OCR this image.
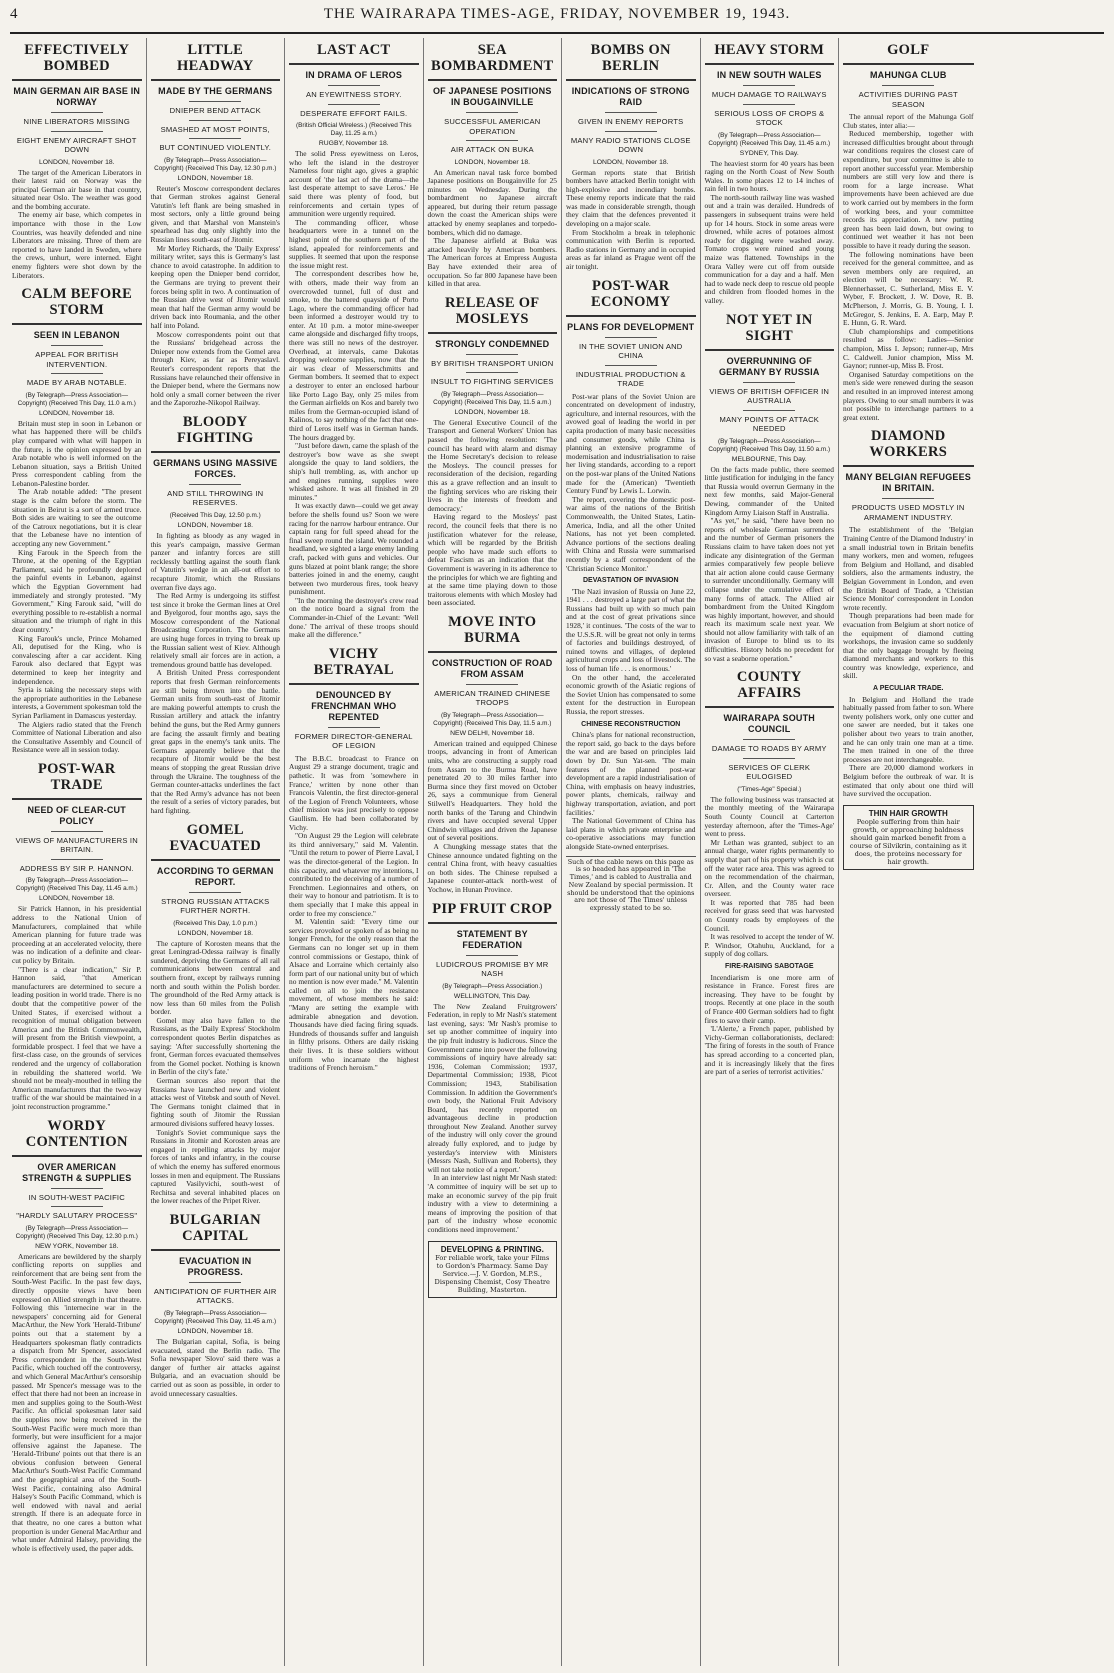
4	THE WAIRARAPA TIMES-AGE, FRIDAY, NOVEMBER 19, 1943.
EFFECTIVELY BOMBED
MAIN GERMAN AIR BASE IN NORWAY
NINE LIBERATORS MISSING
EIGHT ENEMY AIRCRAFT SHOT DOWN
LONDON, November 18.

The target of the American Liberators in their latest raid on Norway was the principal German air base in that country, situated near Oslo. The weather was good and the bombing accurate.

The enemy air base, which competes in importance with those in the Low Countries, was heavily defended and nine Liberators are missing. Three of them are reported to have landed in Sweden, where the crews, unhurt, were interned. Eight enemy fighters were shot down by the Liberators.

CALM BEFORE STORM
SEEN IN LEBANON
APPEAL FOR BRITISH INTERVENTION.
MADE BY ARAB NOTABLE.
(By Telegraph—Press Association—Copyright) (Received This Day, 11.0 a.m.)
LONDON, November 18.

Britain must step in soon in Lebanon or what has happened there will be child's play compared with what will happen in the future, is the opinion expressed by an Arab notable who is well informed on the Lebanon situation, says a British United Press correspondent cabling from the Lebanon-Palestine border.

The Arab notable added: "The present stage is the calm before the storm. The situation in Beirut is a sort of armed truce. Both sides are waiting to see the outcome of the Catroux negotiations, but it is clear that the Lebanese have no intention of accepting any new Government."

King Farouk in the Speech from the Throne, at the opening of the Egyptian Parliament, said he profoundly deplored the painful events in Lebanon, against which the Egyptian Government had immediately and strongly protested. "My Government," King Farouk said, "will do everything possible to re-establish a normal situation and the triumph of right in this dear country."

King Farouk's uncle, Prince Mohamed Ali, deputised for the King, who is convalescing after a car accident. King Farouk also declared that Egypt was determined to keep her integrity and independence.

Syria is taking the necessary steps with the appropriate authorities in the Lebanese interests, a Government spokesman told the Syrian Parliament in Damascus yesterday.

The Algiers radio stated that the French Committee of National Liberation and also the Consultative Assembly and Council of Resistance were all in session today.

POST-WAR TRADE
NEED OF CLEAR-CUT POLICY
VIEWS OF MANUFACTURERS IN BRITAIN.
ADDRESS BY SIR P. HANNON.
(By Telegraph—Press Association—Copyright) (Received This Day, 11.45 a.m.)
LONDON, November 18.

Sir Patrick Hannon, in his presidential address to the National Union of Manufacturers, complained that while American planning for future trade was proceeding at an accelerated velocity, there was no indication of a definite and clear-cut policy by Britain.

"There is a clear indication," Sir P. Hannon said, "that American manufacturers are determined to secure a leading position in world trade. There is no doubt that the competitive power of the United States, if exercised without a recognition of mutual obligation between America and the British Commonwealth, will present from the British viewpoint, a formidable prospect. I feel that we have a first-class case, on the grounds of services rendered and the urgency of collaboration in rebuilding the shattered world. We should not be mealy-mouthed in telling the American manufacturers that the two-way traffic of the war should be maintained in a joint reconstruction programme."

WORDY CONTENTION
OVER AMERICAN STRENGTH & SUPPLIES
IN SOUTH-WEST PACIFIC
"HARDLY SALUTARY PROCESS"
(By Telegraph—Press Association—Copyright) (Received This Day, 12.30 p.m.)
NEW YORK, November 18.

Americans are bewildered by the sharply conflicting reports on supplies and reinforcement that are being sent from the South-West Pacific. In the past few days, directly opposite views have been expressed on Allied strength in that theatre. Following this 'internecine war in the newspapers' concerning aid for General MacArthur, the New York 'Herald-Tribune' points out that a statement by a Headquarters spokesman flatly contradicts a dispatch from Mr Spencer, associated Press correspondent in the South-West Pacific, which touched off the controversy, and which General MacArthur's censorship passed. Mr Spencer's message was to the effect that there had not been an increase in men and supplies going to the South-West Pacific. An official spokesman later said the supplies now being received in the South-West Pacific were much more than formerly, but were insufficient for a major offensive against the Japanese. The 'Herald-Tribune' points out that there is an obvious confusion between General MacArthur's South-West Pacific Command and the geographical area of the South-West Pacific, containing also Admiral Halsey's South Pacific Command, which is well endowed with naval and aerial strength. If there is an adequate force in that theatre, no one cares a button what proportion is under General MacArthur and what under Admiral Halsey, providing the whole is effectively used, the paper adds.

LITTLE HEADWAY
MADE BY THE GERMANS
DNIEPER BEND ATTACK
SMASHED AT MOST POINTS,
BUT CONTINUED VIOLENTLY.
(By Telegraph—Press Association—Copyright) (Received This Day, 12.30 p.m.)
LONDON, November 18.

Reuter's Moscow correspondent declares that German strokes against General Vatutin's left flank are being smashed in most sectors, only a little ground being given, and that Marshal von Manstein's spearhead has dug only slightly into the Russian lines south-east of Jitomir.

Mr Morley Richards, the 'Daily Express' military writer, says this is Germany's last chance to avoid catastrophe. In addition to keeping open the Dnieper bend corridor, the Germans are trying to prevent their forces being split in two. A continuation of the Russian drive west of Jitomir would mean that half the German army would be driven back into Roumania, and the other half into Poland.

Moscow correspondents point out that the Russians' bridgehead across the Dnieper now extends from the Gomel area through Kiev, as far as Pereyaslavl. Reuter's correspondent reports that the Russians have relaunched their offensive in the Dnieper bend, where the Germans now hold only a small corner between the river and the Zaporozhe-Nikopol Railway.

BLOODY FIGHTING
GERMANS USING MASSIVE FORCES.
AND STILL THROWING IN RESERVES.
(Received This Day, 12.50 p.m.)
LONDON, November 18.

In fighting as bloody as any waged in this year's campaign, massive German panzer and infantry forces are still recklessly battling against the south flank of Vatutin's wedge in an all-out effort to recapture Jitomir, which the Russians overran five days ago.

The Red Army is undergoing its stiffest test since it broke the German lines at Orel and Byelgorod, four months ago, says the Moscow correspondent of the National Broadcasting Corporation. The Germans are using huge forces in trying to break up the Russian salient west of Kiev. Although relatively small air forces are in action, a tremendous ground battle has developed.

A British United Press correspondent reports that fresh German reinforcements are still being thrown into the battle. German units from south-east of Jitomir are making powerful attempts to crush the Russian artillery and attack the infantry behind the guns, but the Red Army gunners are facing the assault firmly and beating great gaps in the enemy's tank units. The Germans apparently believe that the recapture of Jitomir would be the best means of stopping the great Russian drive through the Ukraine. The toughness of the German counter-attacks underlines the fact that the Red Army's advance has not been the result of a series of victory parades, but hard fighting.

GOMEL EVACUATED
ACCORDING TO GERMAN REPORT.
STRONG RUSSIAN ATTACKS FURTHER NORTH.
(Received This Day, 1.0 p.m.)
LONDON, November 18.

The capture of Korosten means that the great Leningrad-Odessa railway is finally sundered, depriving the Germans of all rail communications between central and southern front, except by railways running north and south within the Polish border. The groundhold of the Red Army attack is now less than 60 miles from the Polish border.

Gomel may also have fallen to the Russians, as the 'Daily Express' Stockholm correspondent quotes Berlin dispatches as saying: 'After successfully shortening the front, German forces evacuated themselves from the Gomel pocket. Nothing is known in Berlin of the city's fate.'

German sources also report that the Russians have launched new and violent attacks west of Vitebsk and south of Nevel. The Germans tonight claimed that in fighting south of Jitomir the Russian armoured divisions suffered heavy losses.

Tonight's Soviet communique says the Russians in Jitomir and Korosten areas are engaged in repelling attacks by major forces of tanks and infantry, in the course of which the enemy has suffered enormous losses in men and equipment. The Russians captured Vasilyvichi, south-west of Rechitsa and several inhabited places on the lower reaches of the Pripet River.

BULGARIAN CAPITAL
EVACUATION IN PROGRESS.
ANTICIPATION OF FURTHER AIR ATTACKS.
(By Telegraph—Press Association—Copyright) (Received This Day, 11.45 a.m.)
LONDON, November 18.

The Bulgarian capital, Sofia, is being evacuated, stated the Berlin radio. The Sofia newspaper 'Slovo' said there was a danger of further air attacks against Bulgaria, and an evacuation should be carried out as soon as possible, in order to avoid unnecessary casualties.

LAST ACT
IN DRAMA OF LEROS
AN EYEWITNESS STORY.
DESPERATE EFFORT FAILS.
(British Official Wireless.) (Received This Day, 11.25 a.m.)
RUGBY, November 18.

The solid Press eyewitness on Leros, who left the island in the destroyer Nameless four night ago, gives a graphic account of 'the last act of the drama—the last desperate attempt to save Leros.' He said there was plenty of food, but reinforcements and certain types of ammunition were urgently required.

The commanding officer, whose headquarters were in a tunnel on the highest point of the southern part of the island, appealed for reinforcements and supplies. It seemed that upon the response the issue might rest.

The correspondent describes how he, with others, made their way from an overcrowded tunnel, full of dust and smoke, to the battered quayside of Porto Lago, where the commanding officer had been informed a destroyer would try to enter. At 10 p.m. a motor mine-sweeper came alongside and discharged fifty troops, there was still no news of the destroyer. Overhead, at intervals, came Dakotas dropping welcome supplies, now that the air was clear of Messerschmitts and German bombers. It seemed that to expect a destroyer to enter an enclosed harbour like Porto Lago Bay, only 25 miles from the German airfields on Kos and barely two miles from the German-occupied island of Kalinos, to say nothing of the fact that one-third of Leros itself was in German hands. The hours dragged by.

"Just before dawn, came the splash of the destroyer's bow wave as she swept alongside the quay to land soldiers, the ship's hull trembling, as, with anchor up and engines running, supplies were whisked ashore. It was all finished in 20 minutes."

It was exactly dawn—could we get away before the shells found us? Soon we were racing for the narrow harbour entrance. Our captain rang for full speed ahead for the final sweep round the island. We rounded a headland, we sighted a large enemy landing craft, packed with guns and vehicles. Our guns blazed at point blank range; the shore batteries joined in and the enemy, caught between two murderous fires, took heavy punishment.

"In the morning the destroyer's crew read on the notice board a signal from the Commander-in-Chief of the Levant: 'Well done.' The arrival of these troops should make all the difference."

VICHY BETRAYAL
DENOUNCED BY FRENCHMAN WHO REPENTED
FORMER DIRECTOR-GENERAL OF LEGION

The B.B.C. broadcast to France on August 29 a strange document, tragic and pathetic. It was from 'somewhere in France,' written by none other than Francois Valentin, the first director-general of the Legion of French Volunteers, whose chief mission was just precisely to oppose Gaullism. He had been collaborated by Vichy.

"On August 29 the Legion will celebrate its third anniversary," said M. Valentin. "Until the return to power of Pierre Laval, I was the director-general of the Legion. In this capacity, and whatever my intentions, I contributed to the deceiving of a number of Frenchmen. Legionnaires and others, on their way to honour and patriotism. It is to them specially that I make this appeal in order to free my conscience."

M. Valentin said: "Every time our services provoked or spoken of as being no longer French, for the only reason that the Germans can no longer set up in them control commissions or Gestapo, think of Alsace and Lorraine which certainly also form part of our national unity but of which no mention is now ever made." M. Valentin called on all to join the resistance movement, of whose members he said: "Many are setting the example with admirable abnegation and devotion. Thousands have died facing firing squads. Hundreds of thousands suffer and languish in filthy prisons. Others are daily risking their lives. It is these soldiers without uniform who incarnate the highest traditions of French heroism."

SEA BOMBARDMENT
OF JAPANESE POSITIONS IN BOUGAINVILLE
SUCCESSFUL AMERICAN OPERATION
AIR ATTACK ON BUKA
LONDON, November 18.

An American naval task force bombed Japanese positions on Bougainville for 25 minutes on Wednesday. During the bombardment no Japanese aircraft appeared, but during their return passage down the coast the American ships were attacked by enemy seaplanes and torpedo-bombers, which did no damage.

The Japanese airfield at Buka was attacked heavily by American bombers. The American forces at Empress Augusta Bay have extended their area of occupation. So far 800 Japanese have been killed in that area.

RELEASE OF MOSLEYS
STRONGLY CONDEMNED
BY BRITISH TRANSPORT UNION
INSULT TO FIGHTING SERVICES
(By Telegraph—Press Association—Copyright) (Received This Day, 11.5 a.m.)
LONDON, November 18.

The General Executive Council of the Transport and General Workers' Union has passed the following resolution: 'The council has heard with alarm and dismay the Home Secretary's decision to release the Mosleys. The council presses for reconsideration of the decision, regarding this as a grave reflection and an insult to the fighting services who are risking their lives in the interests of freedom and democracy.'

Having regard to the Mosleys' past record, the council feels that there is no justification whatever for the release, which will be regarded by the British people who have made such efforts to defeat Fascism as an indication that the Government is wavering in its adherence to the principles for which we are fighting and at the same time playing down to those traitorous elements with which Mosley had been associated.

MOVE INTO BURMA
CONSTRUCTION OF ROAD FROM ASSAM
AMERICAN TRAINED CHINESE TROOPS
(By Telegraph—Press Association—Copyright) (Received This Day, 11.5 a.m.)
NEW DELHI, November 18.

American trained and equipped Chinese troops, advancing in front of American units, who are constructing a supply road from Assam to the Burma Road, have penetrated 20 to 30 miles farther into Burma since they first moved on October 26, says a communique from General Stilwell's Headquarters. They hold the north banks of the Tarung and Chindwin rivers and have occupied several Upper Chindwin villages and driven the Japanese out of several positions.

A Chungking message states that the Chinese announce undated fighting on the central China front, with heavy casualties on both sides. The Chinese repulsed a Japanese counter-attack north-west of Yochow, in Hunan Province.

PIP FRUIT CROP
STATEMENT BY FEDERATION
LUDICROUS PROMISE BY MR NASH
(By Telegraph—Press Association.)
WELLINGTON, This Day.

The New Zealand Fruitgrowers' Federation, in reply to Mr Nash's statement last evening, says: 'Mr Nash's promise to set up another committee of inquiry into the pip fruit industry is ludicrous. Since the Government came into power the following commissions of inquiry have already sat: 1936, Coleman Commission; 1937, Departmental Commission; 1938, Picot Commission; 1943, Stabilisation Commission. In addition the Government's own body, the National Fruit Advisory Board, has recently reported on advantageous decline in production throughout New Zealand. Another survey of the industry will only cover the ground already fully explored, and to judge by yesterday's interview with Ministers (Messrs Nash, Sullivan and Roberts), they will not take notice of a report.'

In an interview last night Mr Nash stated: 'A committee of inquiry will be set up to make an economic survey of the pip fruit industry with a view to determining a means of improving the position of that part of the industry whose economic conditions need improvement.'

DEVELOPING & PRINTING.
For reliable work, take your Films to Gordon's Pharmacy. Same Day Service.—J. V. Gordon, M.P.S., Dispensing Chemist, Cosy Theatre Building, Masterton.
BOMBS ON BERLIN
INDICATIONS OF STRONG RAID
GIVEN IN ENEMY REPORTS
MANY RADIO STATIONS CLOSE DOWN
LONDON, November 18.

German reports state that British bombers have attacked Berlin tonight with high-explosive and incendiary bombs. These enemy reports indicate that the raid was made in considerable strength, though they claim that the defences prevented it developing on a major scale.

From Stockholm a break in telephonic communication with Berlin is reported. Radio stations in Germany and in occupied areas as far inland as Prague went off the air tonight.

POST-WAR ECONOMY
PLANS FOR DEVELOPMENT
IN THE SOVIET UNION AND CHINA
INDUSTRIAL PRODUCTION & TRADE

Post-war plans of the Soviet Union are concentrated on development of industry, agriculture, and internal resources, with the avowed goal of leading the world in per capita production of many basic necessities and consumer goods, while China is planning an extensive programme of modernisation and industrialisation to raise her living standards, according to a report on the post-war plans of the United Nations made for the (American) 'Twentieth Century Fund' by Lewis L. Lorwin.

The report, covering the domestic post-war aims of the nations of the British Commonwealth, the United States, Latin-America, India, and all the other United Nations, has not yet been completed. Advance portions of the sections dealing with China and Russia were summarised recently by a staff correspondent of the 'Christian Science Monitor.'

DEVASTATION OF INVASION

'The Nazi invasion of Russia on June 22, 1941 . . . destroyed a large part of what the Russians had built up with so much pain and at the cost of great privations since 1928,' it continues. 'The costs of the war to the U.S.S.R. will be great not only in terms of factories and buildings destroyed, of ruined towns and villages, of depleted agricultural crops and loss of livestock. The loss of human life . . . is enormous.'

On the other hand, the accelerated economic growth of the Asiatic regions of the Soviet Union has compensated to some extent for the destruction in European Russia, the report stresses.

CHINESE RECONSTRUCTION

China's plans for national reconstruction, the report said, go back to the days before the war and are based on principles laid down by Dr. Sun Yat-sen. 'The main features of the planned post-war development are a rapid industrialisation of China, with emphasis on heavy industries, power plants, chemicals, railway and highway transportation, aviation, and port facilities.'

The National Government of China has laid plans in which private enterprise and co-operative associations may function alongside State-owned enterprises.

Such of the cable news on this page as is so headed has appeared in 'The Times,' and is cabled to Australia and New Zealand by special permission. It should be understood that the opinions are not those of 'The Times' unless expressly stated to be so.
HEAVY STORM
IN NEW SOUTH WALES
MUCH DAMAGE TO RAILWAYS
SERIOUS LOSS OF CROPS & STOCK
(By Telegraph—Press Association—Copyright) (Received This Day, 11.45 a.m.)
SYDNEY, This Day.

The heaviest storm for 40 years has been raging on the North Coast of New South Wales. In some places 12 to 14 inches of rain fell in two hours.

The north-south railway line was washed out and a train was derailed. Hundreds of passengers in subsequent trains were held up for 14 hours. Stock in some areas were drowned, while acres of potatoes almost ready for digging were washed away. Tomato crops were ruined and young maize was flattened. Townships in the Orara Valley were cut off from outside communication for a day and a half. Men had to wade neck deep to rescue old people and children from flooded homes in the valley.

NOT YET IN SIGHT
OVERRUNNING OF GERMANY BY RUSSIA
VIEWS OF BRITISH OFFICER IN AUSTRALIA
MANY POINTS OF ATTACK NEEDED
(By Telegraph—Press Association—Copyright) (Received This Day, 11.50 a.m.)
MELBOURNE, This Day.

On the facts made public, there seemed little justification for indulging in the fancy that Russia would overrun Germany in the next few months, said Major-General Dewing, commander of the United Kingdom Army Liaison Staff in Australia.

"As yet," he said, "there have been no reports of wholesale German surrenders and the number of German prisoners the Russians claim to have taken does not yet indicate any disintegration of the German armies comparatively few people believe that air action alone could cause Germany to surrender unconditionally. Germany will collapse under the cumulative effect of many forms of attack. The Allied air bombardment from the United Kingdom was highly important, however, and should reach its maximum scale next year. We should not allow familiarity with talk of an invasion of Europe to blind us to its difficulties. History holds no precedent for so vast a seaborne operation."

COUNTY AFFAIRS
WAIRARAPA SOUTH COUNCIL
DAMAGE TO ROADS BY ARMY
SERVICES OF CLERK EULOGISED
("Times-Age" Special.)

The following business was transacted at the monthly meeting of the Wairarapa South County Council at Carterton yesterday afternoon, after the 'Times-Age' went to press.

Mr Lethan was granted, subject to an annual charge, water rights permanently to supply that part of his property which is cut off the water race area. This was agreed to on the recommendation of the chairman, Cr. Allen, and the County water race overseer.

It was reported that 785 had been received for grass seed that was harvested on County roads by employees of the Council.

It was resolved to accept the tender of W. P. Windsor, Otahuhu, Auckland, for a supply of dog collars.

FIRE-RAISING SABOTAGE

Incendiarism is one more arm of resistance in France. Forest fires are increasing. They have to be fought by troops. Recently at one place in the south of France 400 German soldiers had to fight fires to save their camp.

'L'Alerte,' a French paper, published by Vichy-German collaborationists, declared: 'The firing of forests in the south of France has spread according to a concerted plan, and it is increasingly likely that the fires are part of a series of terrorist activities.'

GOLF
MAHUNGA CLUB
ACTIVITIES DURING PAST SEASON

The annual report of the Mahunga Golf Club states, inter alia:—

Reduced membership, together with increased difficulties brought about through war conditions requires the closest care of expenditure, but your committee is able to report another successful year. Membership numbers are still very low and there is room for a large increase. What improvements have been achieved are due to work carried out by members in the form of working bees, and your committee records its appreciation. A new putting green has been laid down, but owing to continued wet weather it has not been possible to have it ready during the season.

The following nominations have been received for the general committee, and as seven members only are required, an election will be necessary: W. R. Blennerhasset, C. Sutherland, Miss E. V. Wyber, F. Brockett, J. W. Dove, R. B. McPherson, J. Morris, G. B. Young, I. I. McGregor, S. Jenkins, E. A. Earp, May P. E. Hunn, G. R. Ward.

Club championships and competitions resulted as follow: Ladies—Senior champion, Miss I. Jepson; runner-up, Mrs C. Caldwell. Junior champion, Miss M. Gaynor; runner-up, Miss B. Frost.

Organised Saturday competitions on the men's side were renewed during the season and resulted in an improved interest among players. Owing to our small numbers it was not possible to interchange partners to a great extent.

DIAMOND WORKERS
MANY BELGIAN REFUGEES IN BRITAIN.
PRODUCTS USED MOSTLY IN ARMAMENT INDUSTRY.

The establishment of the 'Belgian Training Centre of the Diamond Industry' in a small industrial town in Britain benefits many workers, men and women, refugees from Belgium and Holland, and disabled soldiers, also the armaments industry, the Belgian Government in London, and even the British Board of Trade, a 'Christian Science Monitor' correspondent in London wrote recently.

Though preparations had been made for evacuation from Belgium at short notice of the equipment of diamond cutting workshops, the invasion came so suddenly that the only baggage brought by fleeing diamond merchants and workers to this country was knowledge, experience, and skill.

A PECULIAR TRADE.

In Belgium and Holland the trade habitually passed from father to son. Where twenty polishers work, only one cutter and one sawer are needed, but it takes one polisher about two years to train another, and he can only train one man at a time. The men trained in one of the three processes are not interchangeable.

There are 20,000 diamond workers in Belgium before the outbreak of war. It is estimated that only about one third will have survived the occupation.

THIN HAIR GROWTH
People suffering from thin hair growth, or approaching baldness should gain marked benefit from a course of Silvikrin, containing as it does, the proteins necessary for hair growth.
